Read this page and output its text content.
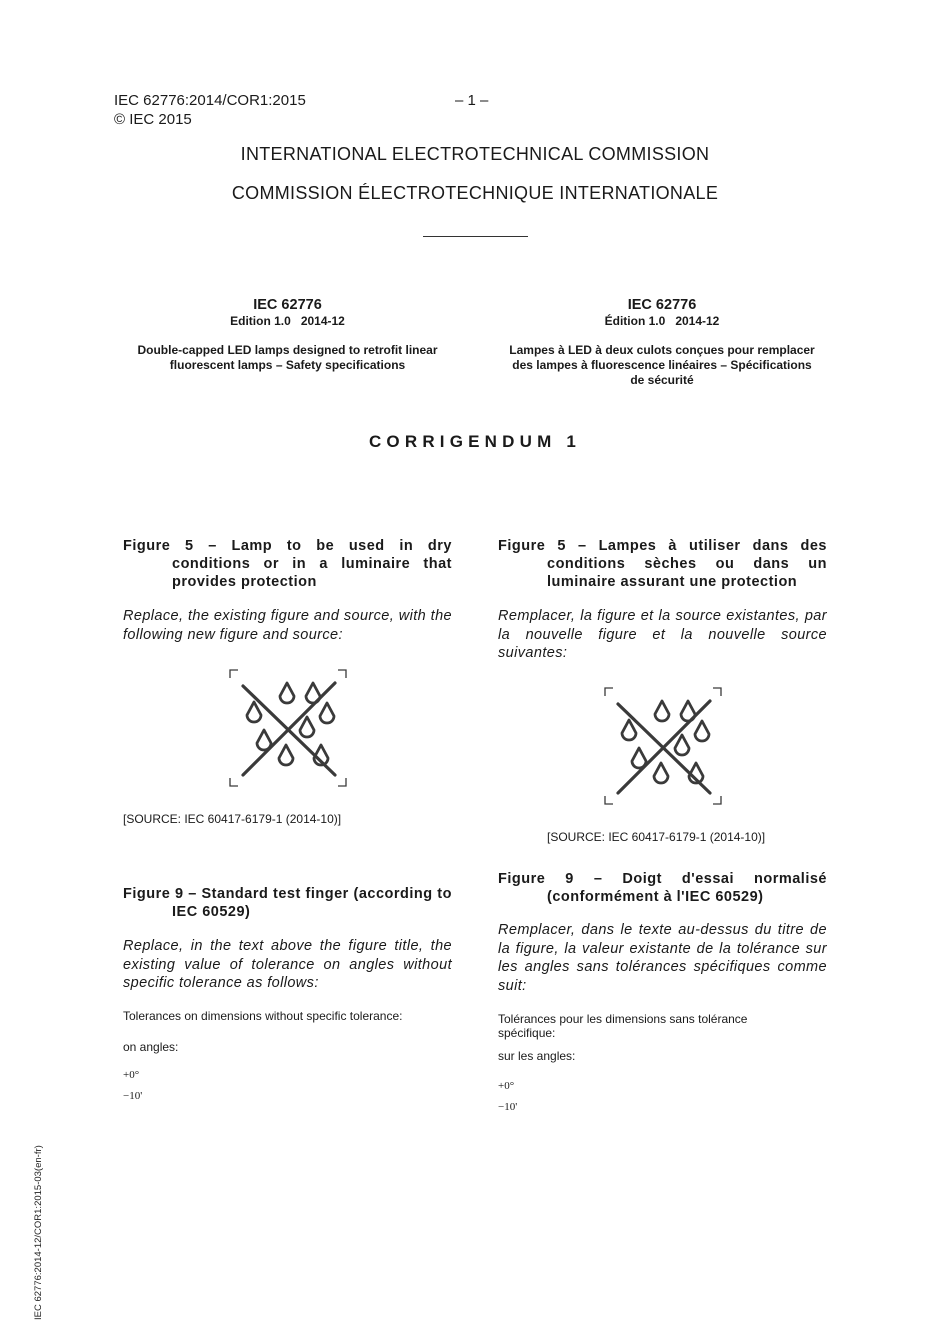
IEC 62776:2014/COR1:2015	– 1 –
© IEC 2015
INTERNATIONAL ELECTROTECHNICAL COMMISSION
COMMISSION ÉLECTROTECHNIQUE INTERNATIONALE
IEC 62776
Edition 1.0   2014-12
Double-capped LED lamps designed to retrofit linear fluorescent lamps – Safety specifications
IEC 62776
Édition 1.0   2014-12
Lampes à LED à deux culots conçues pour remplacer des lampes à fluorescence linéaires – Spécifications de sécurité
CORRIGENDUM 1
Figure 5 – Lamp to be used in dry conditions or in a luminaire that provides protection
Replace, the existing figure and source, with the following new figure and source:
[SOURCE: IEC 60417-6179-1 (2014-10)]
Figure 9 – Standard test finger (according to IEC 60529)
Replace, in the text above the figure title, the existing value of tolerance on angles without specific tolerance as follows:
Tolerances on dimensions without specific tolerance:
on angles:
+0°
−10'
Figure 5 – Lampes à utiliser dans des conditions sèches ou dans un luminaire assurant une protection
Remplacer, la figure et la source existantes, par la nouvelle figure et la nouvelle source suivantes:
[SOURCE: IEC 60417-6179-1 (2014-10)]
Figure 9 – Doigt d'essai normalisé (conformément à l'IEC 60529)
Remplacer, dans le texte au-dessus du titre de la figure, la valeur existante de la tolérance sur les angles sans tolérances spécifiques comme suit:
Tolérances pour les dimensions sans tolérance spécifique:
sur les angles:
+0°
−10'
IEC 62776:2014-12/COR1:2015-03(en-fr)
